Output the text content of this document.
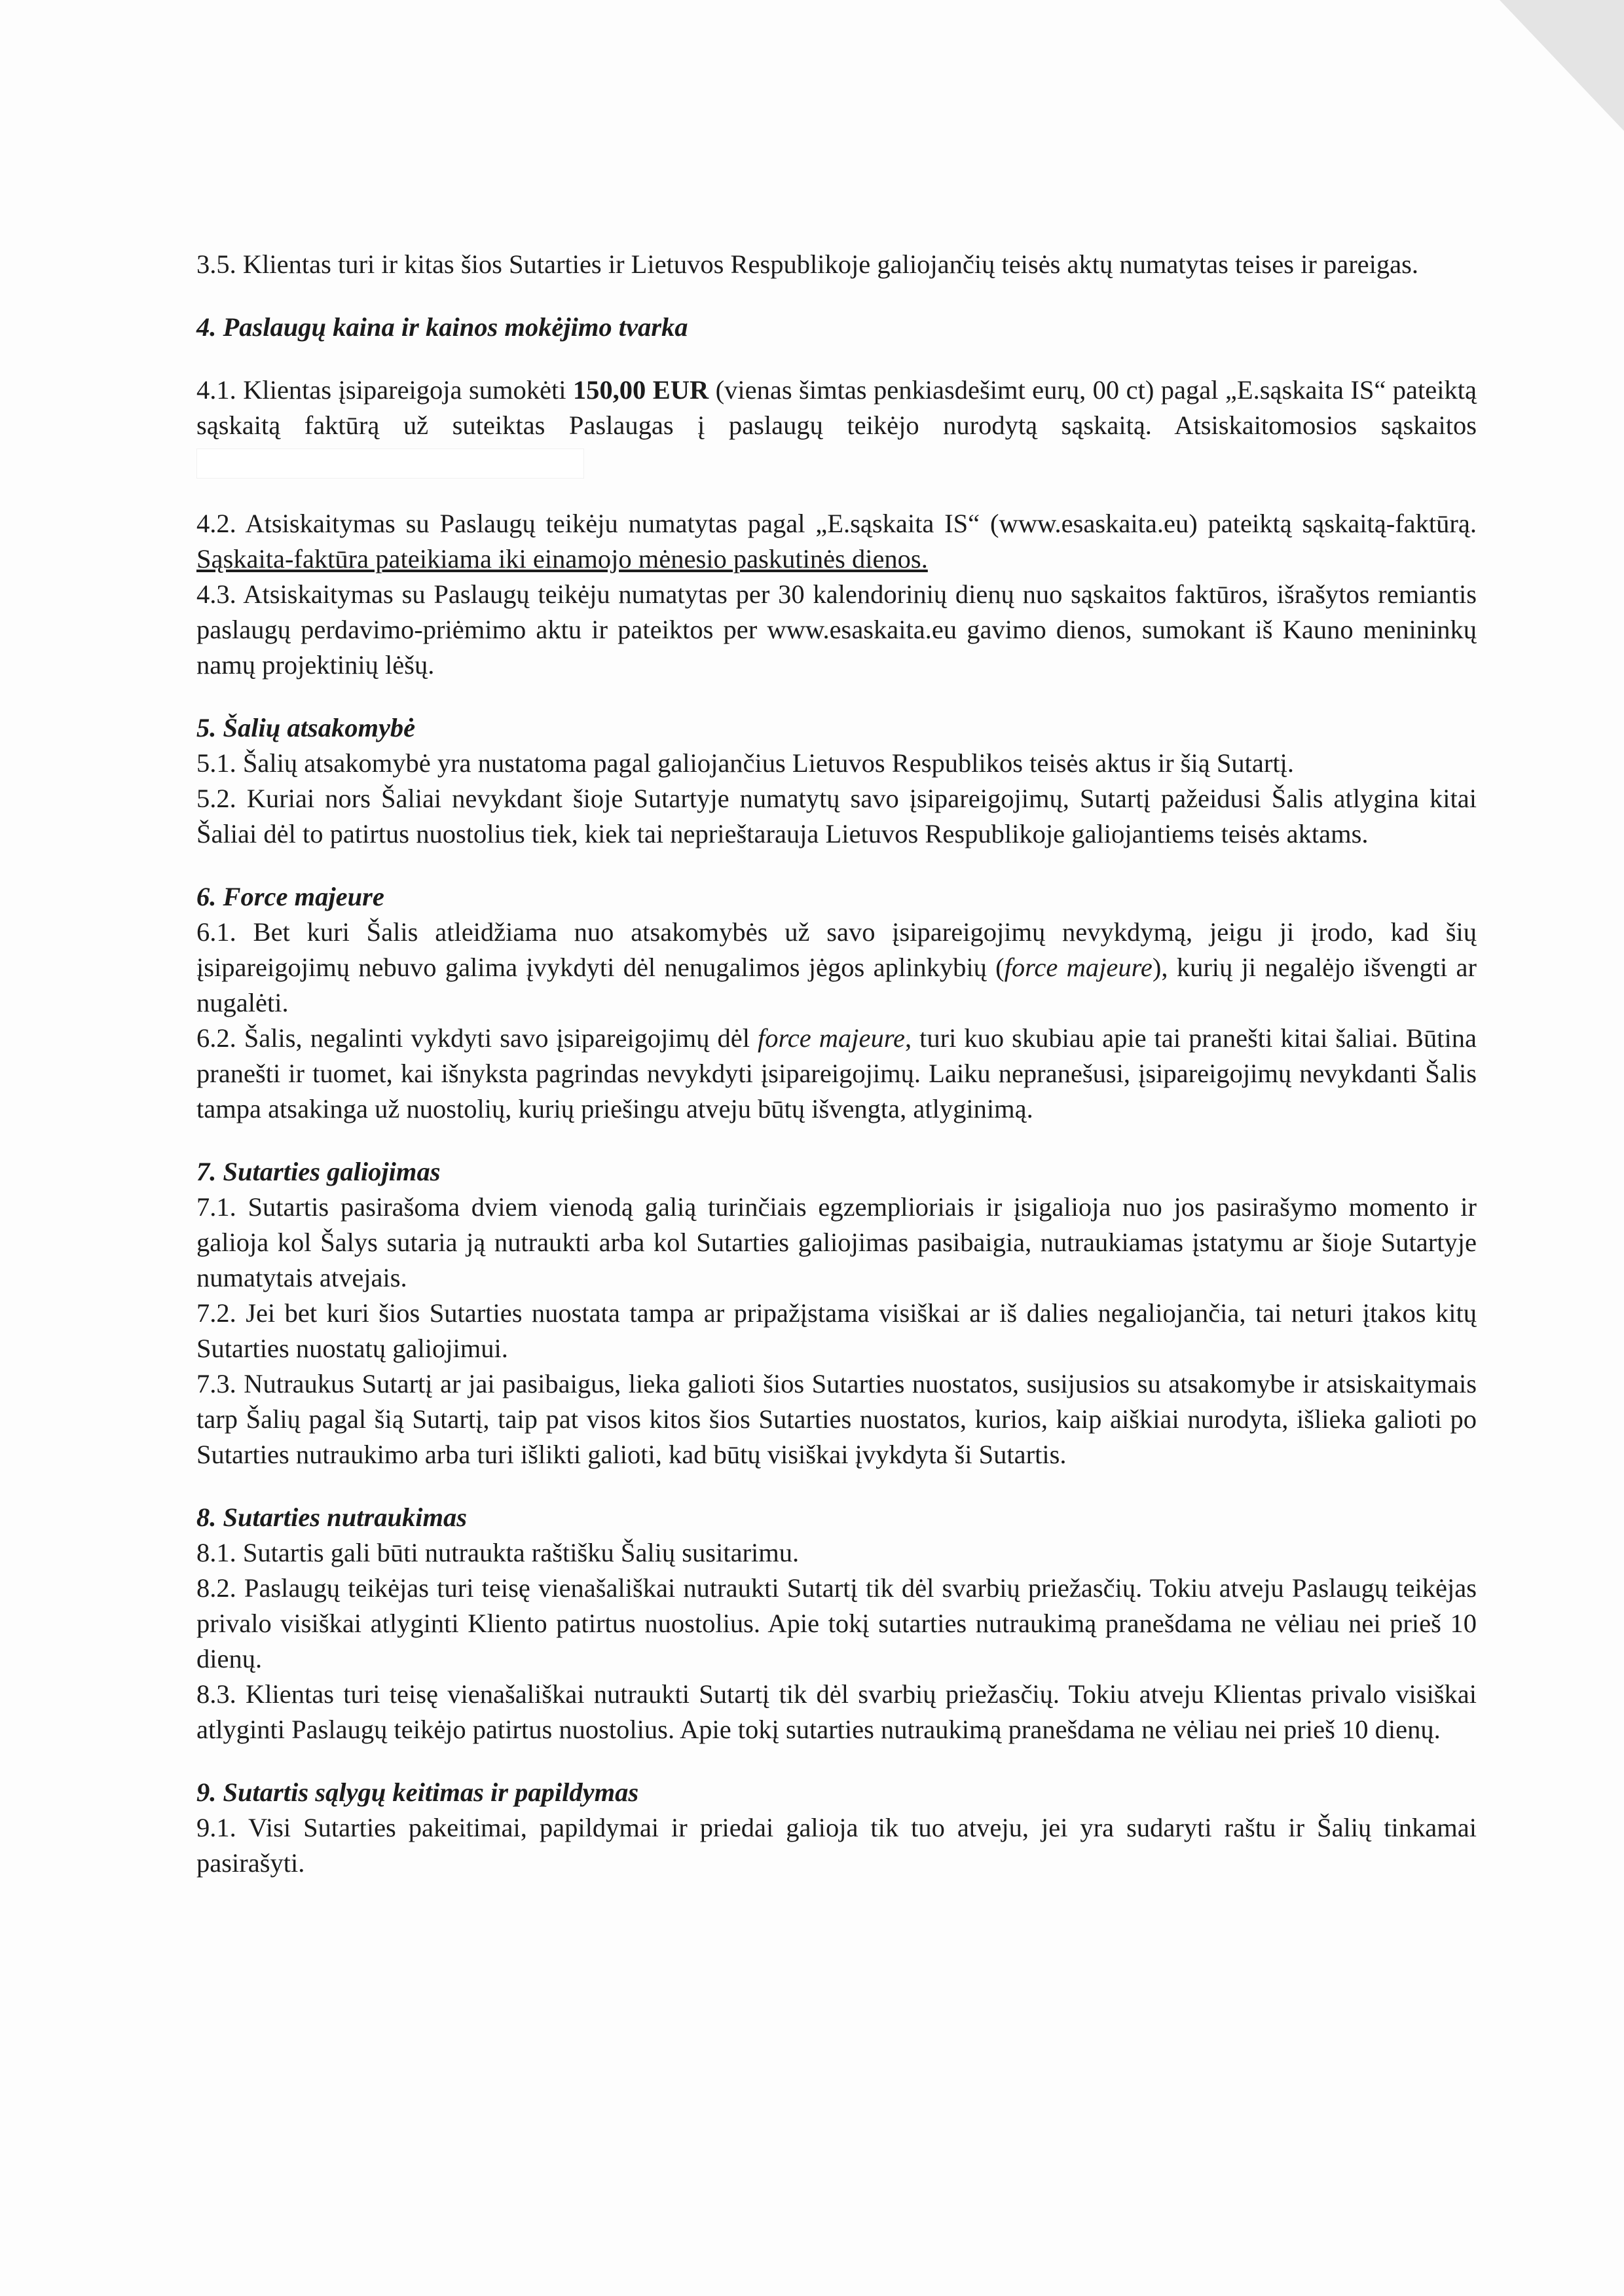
3.5. Klientas turi ir kitas šios Sutarties ir Lietuvos Respublikoje galiojančių teisės aktų numatytas teises ir pareigas.

4. Paslaugų kaina ir kainos mokėjimo tvarka

4.1. Klientas įsipareigoja sumokėti 150,00 EUR (vienas šimtas penkiasdešimt eurų, 00 ct) pagal „E.sąskaita IS“ pateiktą sąskaitą faktūrą už suteiktas Paslaugas į paslaugų teikėjo nurodytą sąskaitą. Atsiskaitomosios sąskaitos

4.2. Atsiskaitymas su Paslaugų teikėju numatytas pagal „E.sąskaita IS“ (www.esaskaita.eu) pateiktą sąskaitą-faktūrą. Sąskaita-faktūra pateikiama iki einamojo mėnesio paskutinės dienos.

4.3. Atsiskaitymas su Paslaugų teikėju numatytas per 30 kalendorinių dienų nuo sąskaitos faktūros, išrašytos remiantis paslaugų perdavimo-priėmimo aktu ir pateiktos per www.esaskaita.eu gavimo dienos, sumokant iš Kauno menininkų namų projektinių lėšų.

5. Šalių atsakomybė

5.1. Šalių atsakomybė yra nustatoma pagal galiojančius Lietuvos Respublikos teisės aktus ir šią Sutartį.

5.2. Kuriai nors Šaliai nevykdant šioje Sutartyje numatytų savo įsipareigojimų, Sutartį pažeidusi Šalis atlygina kitai Šaliai dėl to patirtus nuostolius tiek, kiek tai neprieštarauja Lietuvos Respublikoje galiojantiems teisės aktams.

6. Force majeure

6.1. Bet kuri Šalis atleidžiama nuo atsakomybės už savo įsipareigojimų nevykdymą, jeigu ji įrodo, kad šių įsipareigojimų nebuvo galima įvykdyti dėl nenugalimos jėgos aplinkybių (force majeure), kurių ji negalėjo išvengti ar nugalėti.

6.2. Šalis, negalinti vykdyti savo įsipareigojimų dėl force majeure, turi kuo skubiau apie tai pranešti kitai šaliai. Būtina pranešti ir tuomet, kai išnyksta pagrindas nevykdyti įsipareigojimų. Laiku nepranešusi, įsipareigojimų nevykdanti Šalis tampa atsakinga už nuostolių, kurių priešingu atveju būtų išvengta, atlyginimą.

7. Sutarties galiojimas

7.1. Sutartis pasirašoma dviem vienodą galią turinčiais egzemplioriais ir įsigalioja nuo jos pasirašymo momento ir galioja kol Šalys sutaria ją nutraukti arba kol Sutarties galiojimas pasibaigia, nutraukiamas įstatymu ar šioje Sutartyje numatytais atvejais.

7.2. Jei bet kuri šios Sutarties nuostata tampa ar pripažįstama visiškai ar iš dalies negaliojančia, tai neturi įtakos kitų Sutarties nuostatų galiojimui.

7.3. Nutraukus Sutartį ar jai pasibaigus, lieka galioti šios Sutarties nuostatos, susijusios su atsakomybe ir atsiskaitymais tarp Šalių pagal šią Sutartį, taip pat visos kitos šios Sutarties nuostatos, kurios, kaip aiškiai nurodyta, išlieka galioti po Sutarties nutraukimo arba turi išlikti galioti, kad būtų visiškai įvykdyta ši Sutartis.

8. Sutarties nutraukimas

8.1. Sutartis gali būti nutraukta raštišku Šalių susitarimu.

8.2. Paslaugų teikėjas turi teisę vienašališkai nutraukti Sutartį tik dėl svarbių priežasčių. Tokiu atveju Paslaugų teikėjas privalo visiškai atlyginti Kliento patirtus nuostolius. Apie tokį sutarties nutraukimą pranešdama ne vėliau nei prieš 10 dienų.

8.3. Klientas turi teisę vienašališkai nutraukti Sutartį tik dėl svarbių priežasčių. Tokiu atveju Klientas privalo visiškai atlyginti Paslaugų teikėjo patirtus nuostolius. Apie tokį sutarties nutraukimą pranešdama ne vėliau nei prieš 10 dienų.

9. Sutartis sąlygų keitimas ir papildymas

9.1. Visi Sutarties pakeitimai, papildymai ir priedai galioja tik tuo atveju, jei yra sudaryti raštu ir Šalių tinkamai pasirašyti.
